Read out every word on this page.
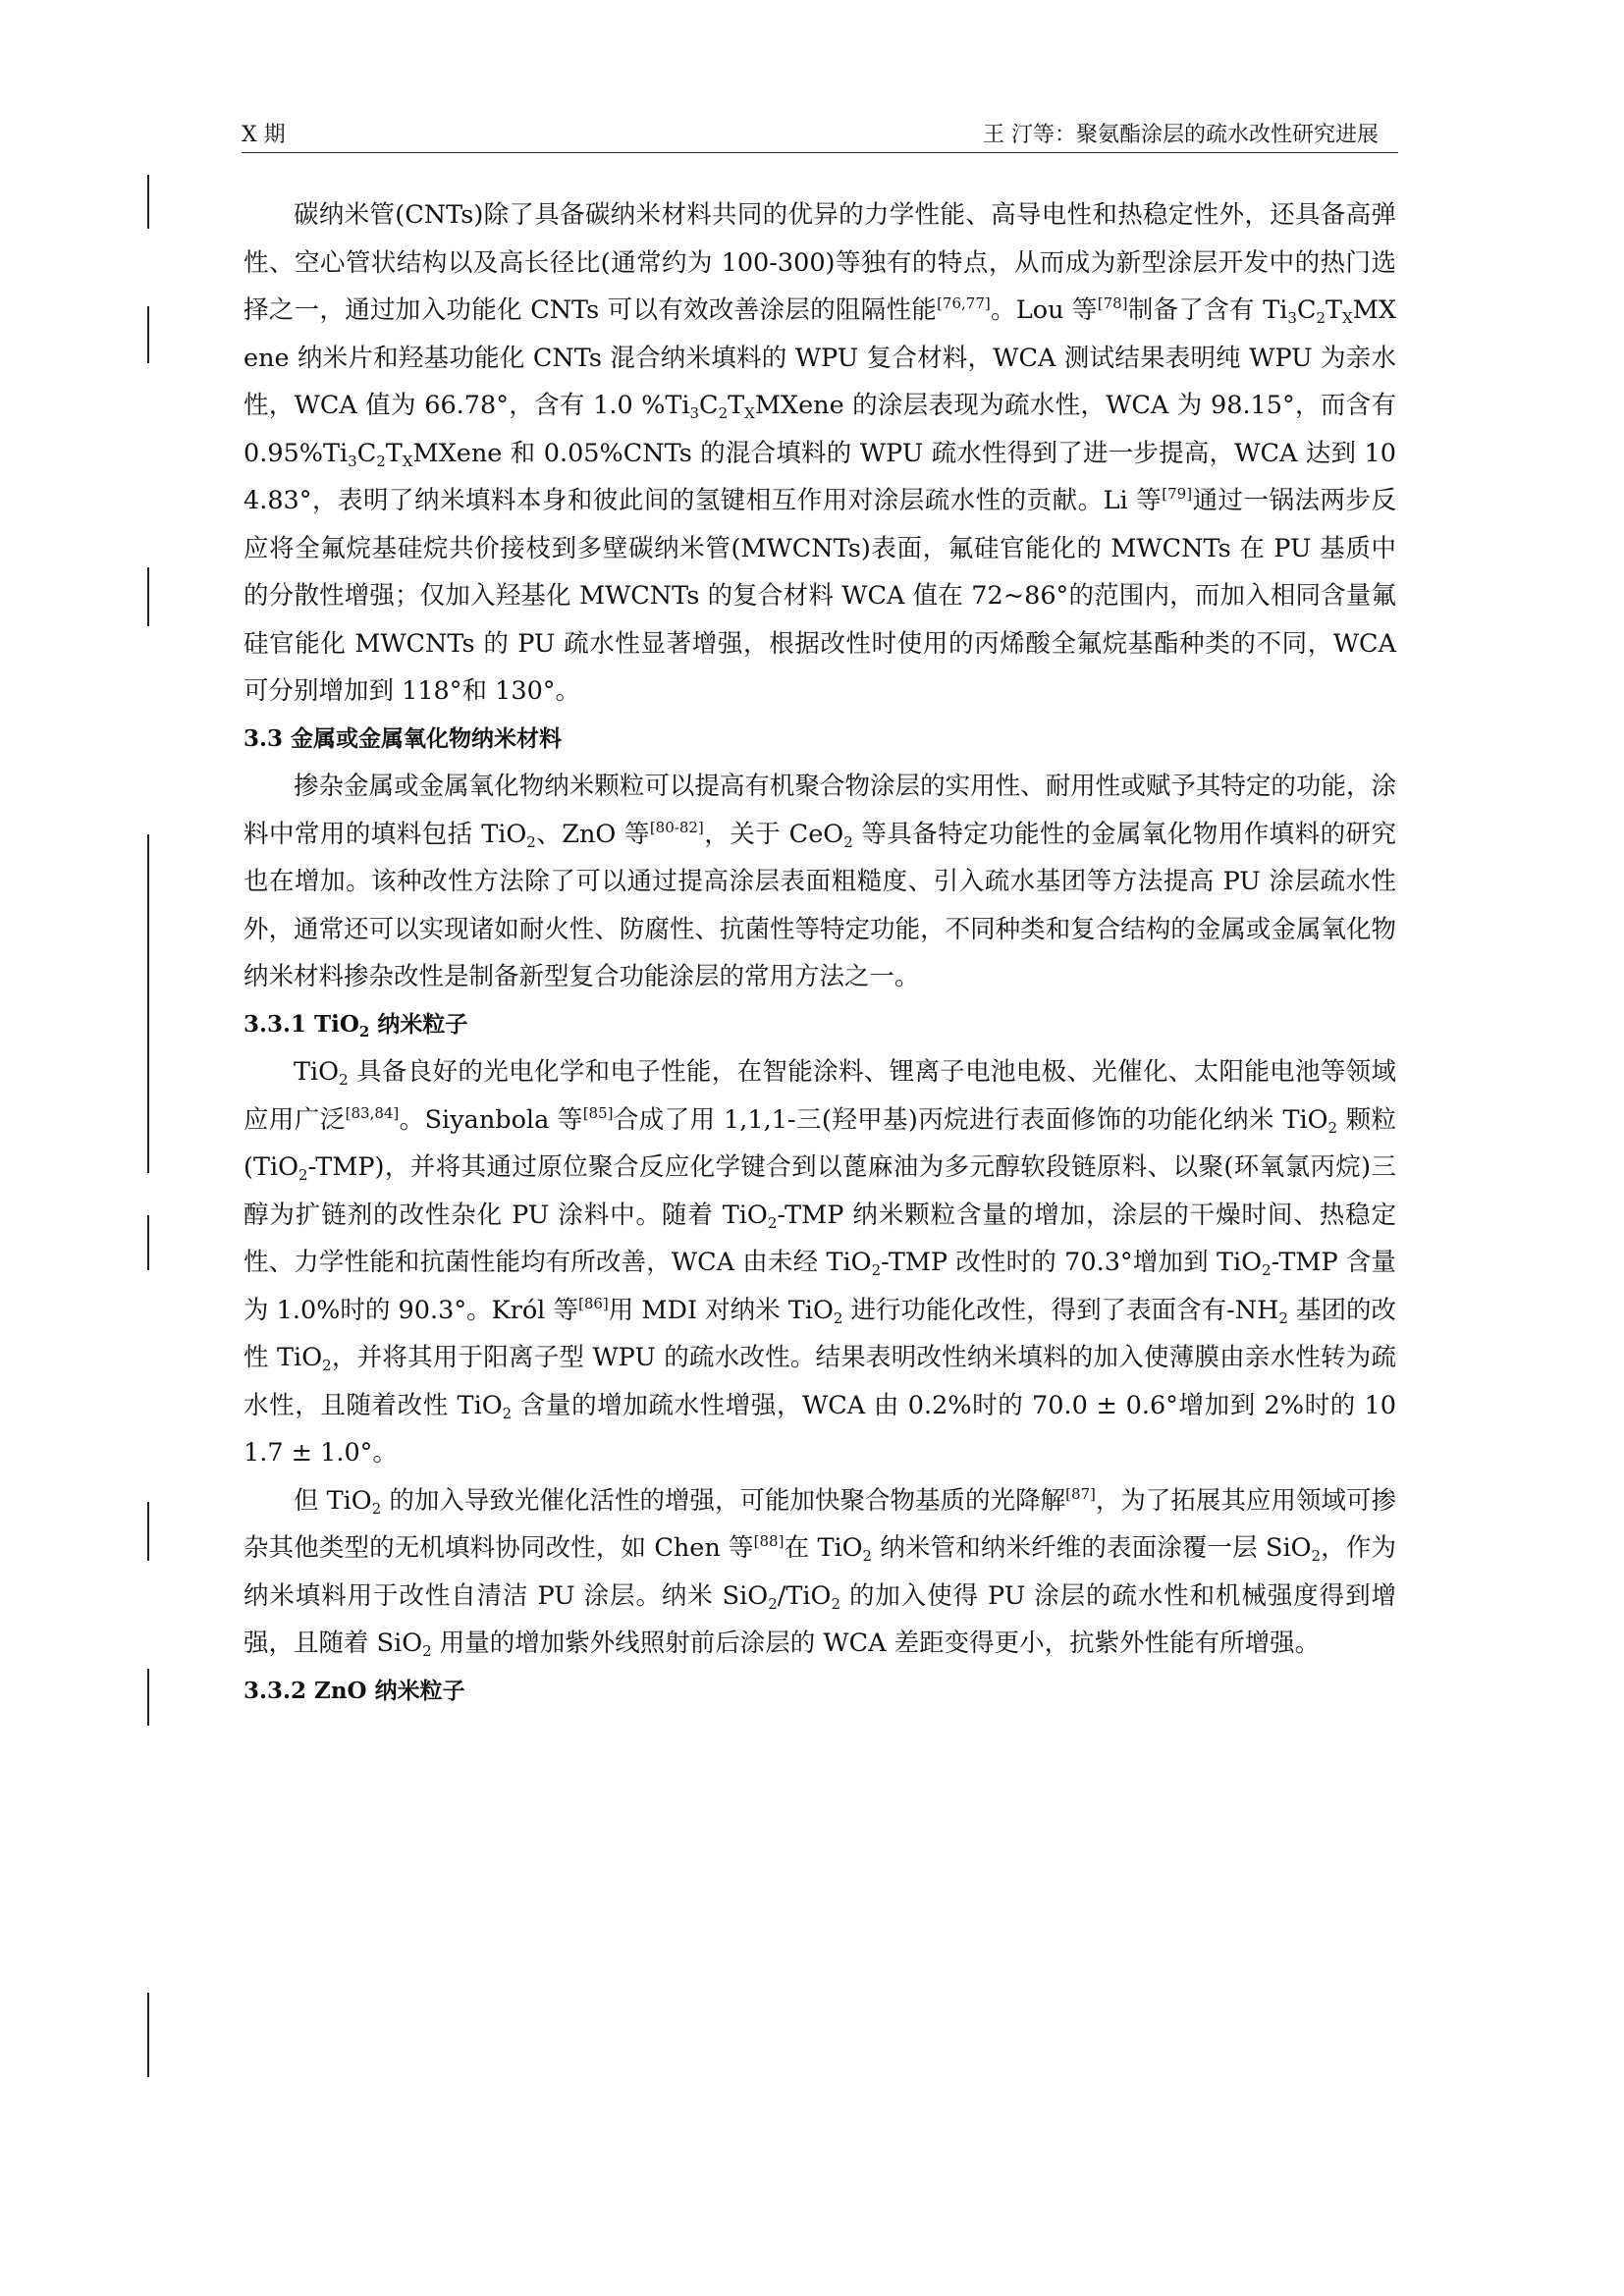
X 期	王 汀等：聚氨酯涂层的疏水改性研究进展

碳纳米管(CNTs)除了具备碳纳米材料共同的优异的力学性能、高导电性和热稳定性外，还具备高弹性、空心管状结构以及高长径比(通常约为 100-300)等独有的特点，从而成为新型涂层开发中的热门选择之一，通过加入功能化 CNTs 可以有效改善涂层的阻隔性能[76,77]。Lou 等[78]制备了含有 $Ti_3C_2T_XMXene$ 纳米片和羟基功能化 CNTs 混合纳米填料的 WPU 复合材料，WCA 测试结果表明纯 WPU 为亲水性，WCA 值为 66.78°，含有 1.0 $\%Ti_3C_2T_XMXene$ 的涂层表现为疏水性，WCA 为 98.15°，而含有 $0.95\%Ti_3C_2T_XMXene$ 和 0.05%CNTs 的混合填料的 WPU 疏水性得到了进一步提高，WCA 达到 104.83°，表明了纳米填料本身和彼此间的氢键相互作用对涂层疏水性的贡献。Li 等[79]通过一锅法两步反应将全氟烷基硅烷共价接枝到多壁碳纳米管(MWCNTs)表面，氟硅官能化的 MWCNTs 在 PU 基质中的分散性增强；仅加入羟基化 MWCNTs 的复合材料 WCA 值在 72~86°的范围内，而加入相同含量氟硅官能化 MWCNTs 的 PU 疏水性显著增强，根据改性时使用的丙烯酸全氟烷基酯种类的不同，WCA 可分别增加到 118°和 130°。

3.3 金属或金属氧化物纳米材料

掺杂金属或金属氧化物纳米颗粒可以提高有机聚合物涂层的实用性、耐用性或赋予其特定的功能，涂料中常用的填料包括 TiO$_2$、ZnO 等[80-82]，关于 CeO$_2$ 等具备特定功能性的金属氧化物用作填料的研究也在增加。该种改性方法除了可以通过提高涂层表面粗糙度、引入疏水基团等方法提高 PU 涂层疏水性外，通常还可以实现诸如耐火性、防腐性、抗菌性等特定功能，不同种类和复合结构的金属或金属氧化物纳米材料掺杂改性是制备新型复合功能涂层的常用方法之一。

3.3.1 TiO$_2$ 纳米粒子

TiO$_2$ 具备良好的光电化学和电子性能，在智能涂料、锂离子电池电极、光催化、太阳能电池等领域应用广泛[83,84]。Siyanbola 等[85]合成了用 1,1,1-三(羟甲基)丙烷进行表面修饰的功能化纳米 TiO$_2$ 颗粒(TiO$_2$-TMP)，并将其通过原位聚合反应化学键合到以蓖麻油为多元醇软段链原料、以聚(环氧氯丙烷)三醇为扩链剂的改性杂化 PU 涂料中。随着 TiO$_2$-TMP 纳米颗粒含量的增加，涂层的干燥时间、热稳定性、力学性能和抗菌性能均有所改善，WCA 由未经 TiO$_2$-TMP 改性时的 70.3°增加到 TiO$_2$-TMP 含量为 1.0%时的 90.3°。Król 等[86]用 MDI 对纳米 TiO$_2$ 进行功能化改性，得到了表面含有$-NH_2$ 基团的改性 TiO$_2$，并将其用于阳离子型 WPU 的疏水改性。结果表明改性纳米填料的加入使薄膜由亲水性转为疏水性，且随着改性 TiO$_2$ 含量的增加疏水性增强，WCA 由 0.2%时的 70.0 ± 0.6°增加到 2%时的 101.7 ± 1.0°。

但 TiO$_2$ 的加入导致光催化活性的增强，可能加快聚合物基质的光降解[87]，为了拓展其应用领域可掺杂其他类型的无机填料协同改性，如 Chen 等[88]在 TiO$_2$ 纳米管和纳米纤维的表面涂覆一层 SiO$_2$，作为纳米填料用于改性自清洁 PU 涂层。纳米 SiO$_2$/TiO$_2$ 的加入使得 PU 涂层的疏水性和机械强度得到增强，且随着 SiO$_2$ 用量的增加紫外线照射前后涂层的 WCA 差距变得更小，抗紫外性能有所增强。

3.3.2 ZnO 纳米粒子
